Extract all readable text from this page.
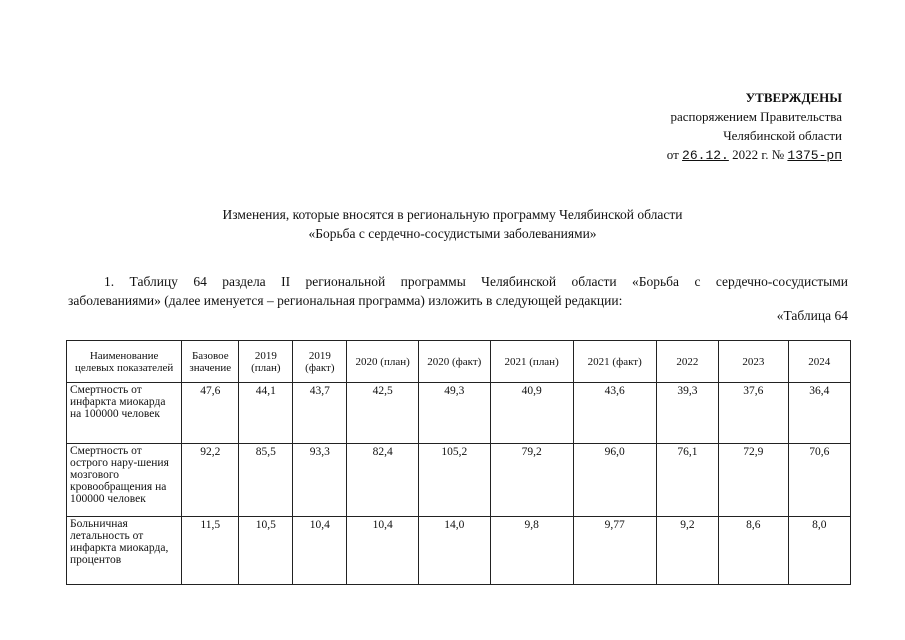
УТВЕРЖДЕНЫ
распоряжением Правительства
Челябинской области
от 26.12. 2022 г. № 1375-рп
Изменения, которые вносятся в региональную программу Челябинской области
«Борьба с сердечно-сосудистыми заболеваниями»
1. Таблицу 64 раздела II региональной программы Челябинской области «Борьба с сердечно-сосудистыми
заболеваниями» (далее именуется – региональная программа) изложить в следующей редакции:
«Таблица 64
Наименование целевых показателей	Базовое значение	2019 (план)	2019 (факт)	2020 (план)	2020 (факт)	2021 (план)	2021 (факт)	2022	2023	2024
Смертность от инфаркта миокарда на 100000 человек	47,6	44,1	43,7	42,5	49,3	40,9	43,6	39,3	37,6	36,4
Смертность от острого нару-шения мозгового кровообращения на 100000 человек	92,2	85,5	93,3	82,4	105,2	79,2	96,0	76,1	72,9	70,6
Больничная летальность от инфаркта миокарда, процентов	11,5	10,5	10,4	10,4	14,0	9,8	9,77	9,2	8,6	8,0
